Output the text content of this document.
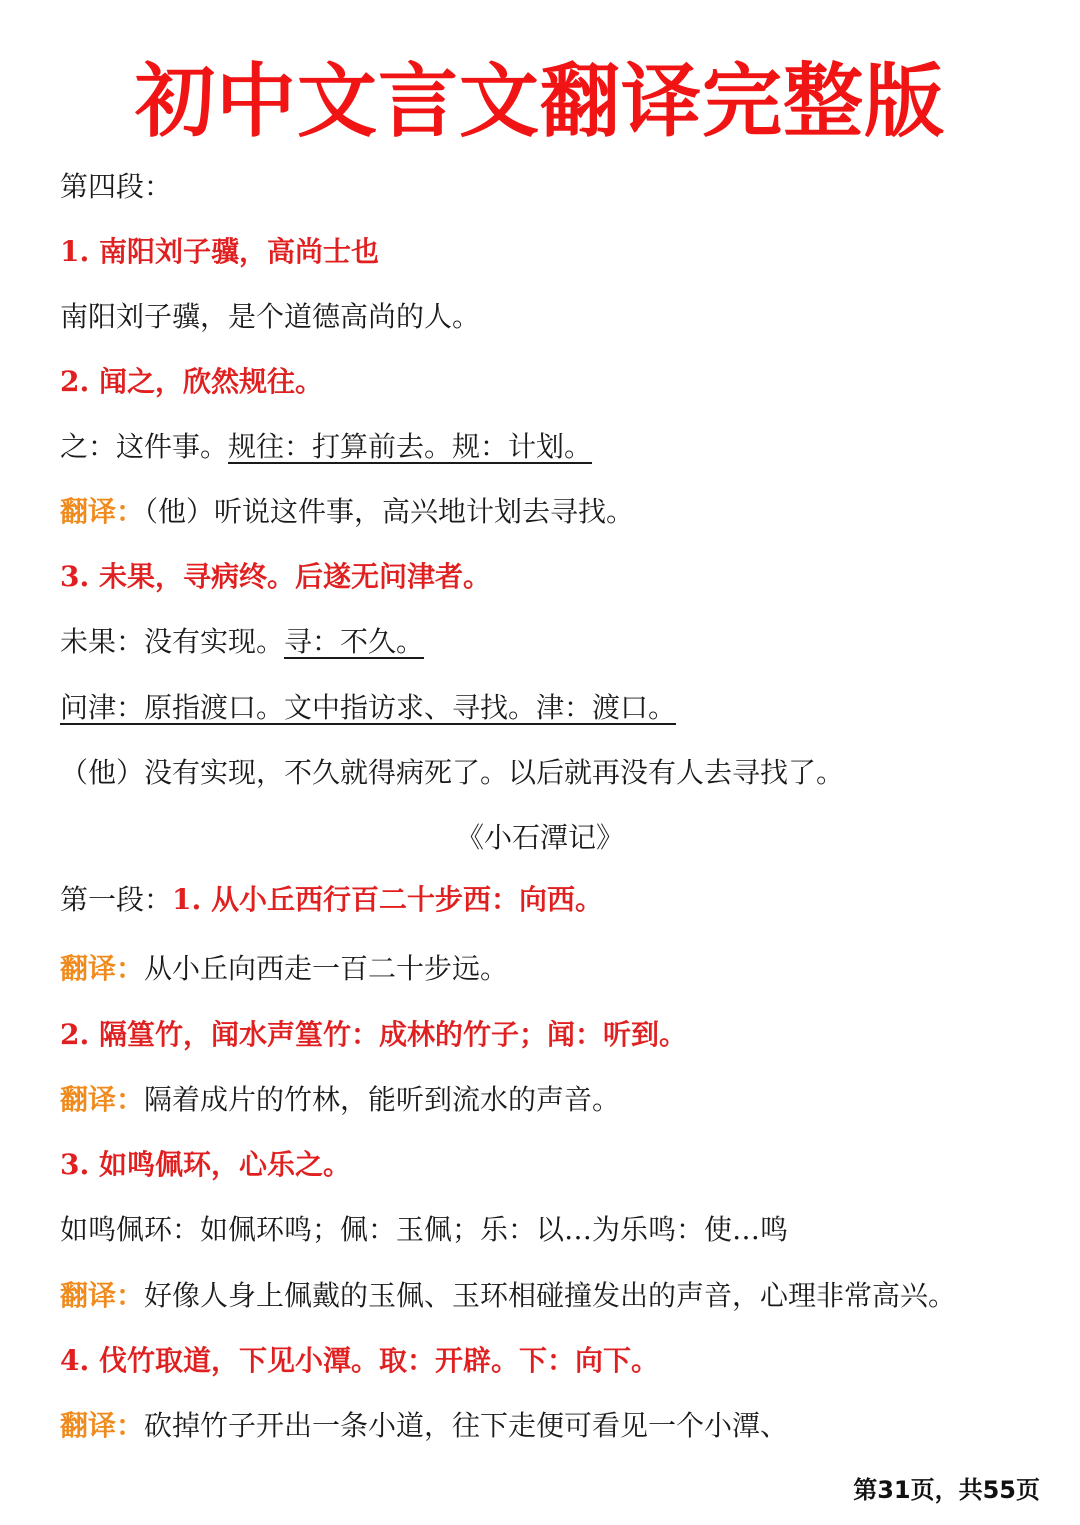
初中文言文翻译完整版
第四段：
1. 南阳刘子骥，高尚士也
南阳刘子骥，是个道德高尚的人。
2. 闻之，欣然规往。
之：这件事。规往：打算前去。规：计划。
翻译：（他）听说这件事，高兴地计划去寻找。
3. 未果，寻病终。后遂无问津者。
未果：没有实现。寻：不久。
问津：原指渡口。文中指访求、寻找。津：渡口。
（他）没有实现，不久就得病死了。以后就再没有人去寻找了。
《小石潭记》
第一段：1. 从小丘西行百二十步西：向西。
翻译：从小丘向西走一百二十步远。
2. 隔篁竹，闻水声篁竹：成林的竹子；闻：听到。
翻译：隔着成片的竹林，能听到流水的声音。
3. 如鸣佩环，心乐之。
如鸣佩环：如佩环鸣；佩：玉佩；乐：以…为乐鸣：使…鸣
翻译：好像人身上佩戴的玉佩、玉环相碰撞发出的声音，心理非常高兴。
4. 伐竹取道，下见小潭。取：开辟。下：向下。
翻译：砍掉竹子开出一条小道，往下走便可看见一个小潭、
第31页，共55页
